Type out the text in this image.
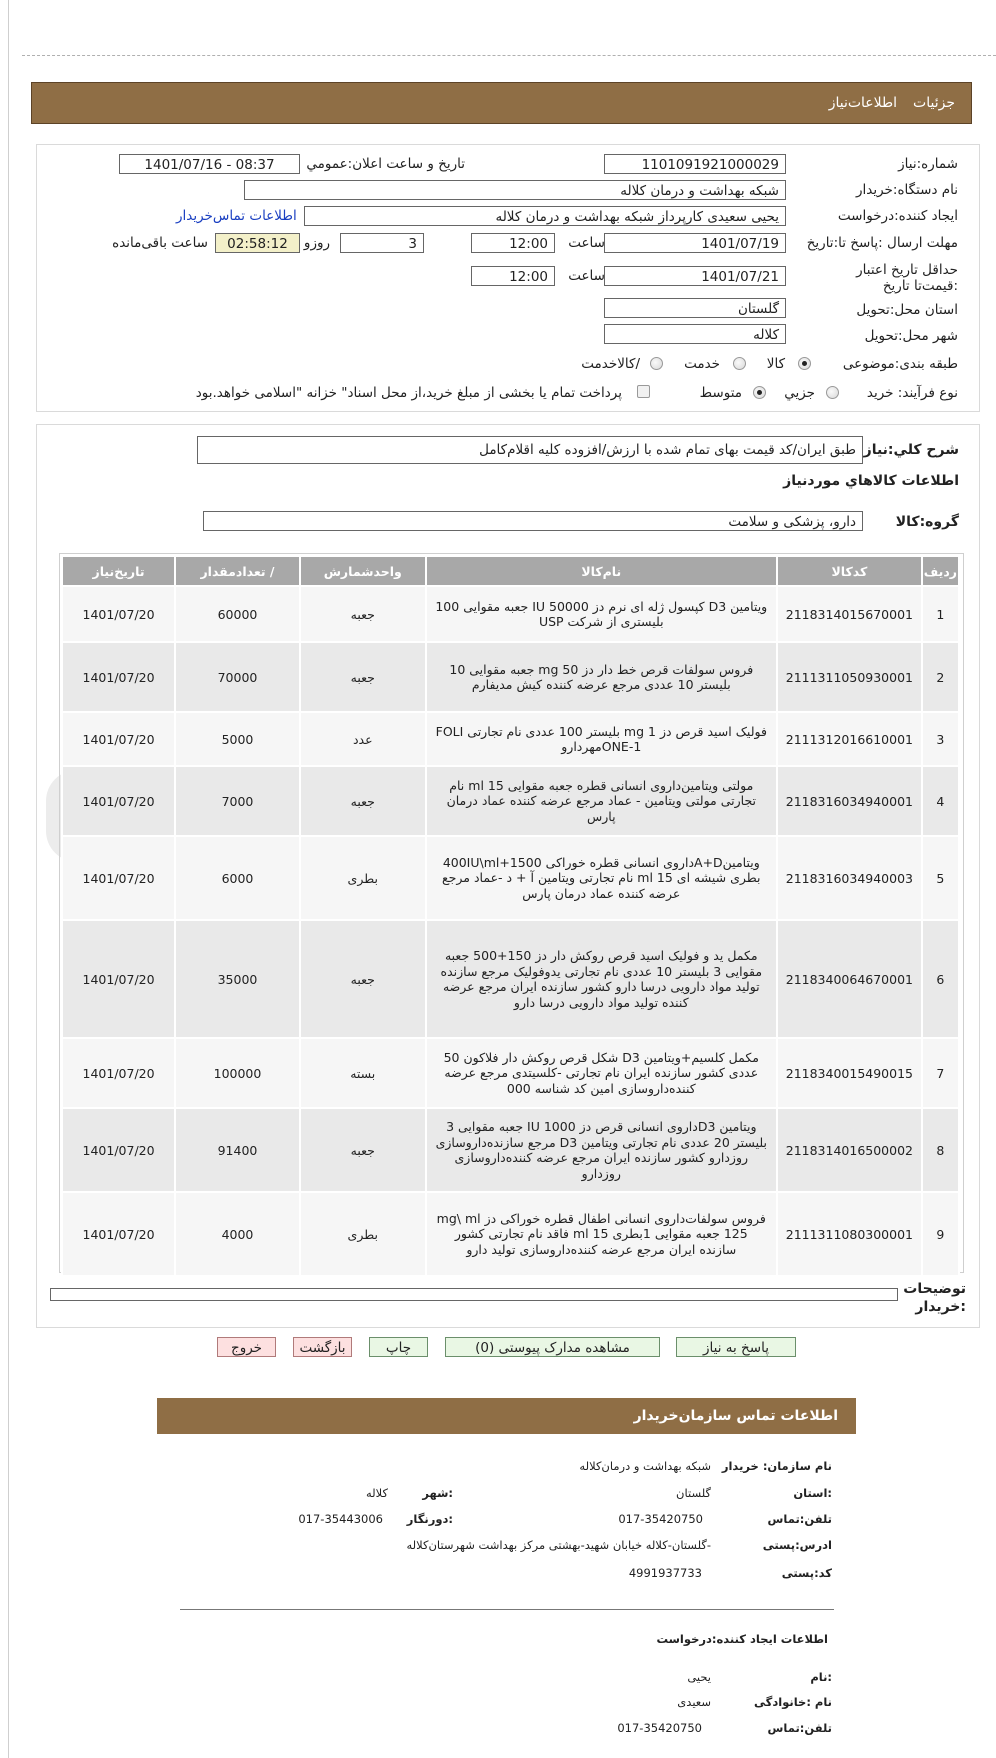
جزئیات
اطلاعات‌نیاز
شماره:نیاز
1101091921000029
تاریخ و ساعت اعلان:عمومي
1401/07/16 - 08:37
نام دستگاه:خریدار
شبکه بهداشت و درمان کلاله
ایجاد کننده:درخواست
یحیی سعیدی کارپرداز شبکه بهداشت و درمان کلاله
اطلاعات تماس‌خریدار
مهلت ارسال :پاسخ تا:تاریخ
1401/07/19
ساعت
12:00
3
روزو
02:58:12
ساعت باقی‌مانده
حداقل تاریخ اعتبار :قیمت‌تا تاریخ
1401/07/21
ساعت
12:00
استان محل:تحویل
گلستان
شهر محل:تحویل
کلاله
طبقه بندی:موضوعی
کالا
خدمت
/کالاخدمت
نوع فرآیند: خرید
جزیي
متوسط
پرداخت تمام یا بخشی از مبلغ خرید،از محل اسناد" خزانه "اسلامی خواهد.بود
شرح کلي:نیاز
طبق ایران/کد قیمت بهای تمام شده با ارزش/افزوده کلیه اقلام‌کامل
اطلاعات کالاهاي مورد‌نیاز
گروه:کالا
دارو، پزشکی و سلامت
ردیف	کدکالا	نام‌کالا	واحدشمارش	/ تعدادمقدار	تاریخ‌نیاز
1	2118314015670001	ویتامین D3 کپسول ژله ای نرم دز IU 50000 جعبه مقوایی 100 بلیستری از شرکت USP	جعبه	60000	1401/07/20
2	2111311050930001	فروس سولفات قرص خط دار دز mg 50 جعبه مقوایی 10 بلیستر 10 عددی مرجع عرضه کننده کیش مدیفارم	جعبه	70000	1401/07/20
3	2111312016610001	فولیک اسید قرص دز mg 1 بلیستر 100 عددی نام تجارتی FOLI ONE-1مهردارو	عدد	5000	1401/07/20
4	2118316034940001	مولتی ویتامین‌داروی انسانی قطره جعبه مقوایی ml 15 نام تجارتی مولتی ویتامین - عماد مرجع عرضه کننده عماد درمان پارس	جعبه	7000	1401/07/20
5	2118316034940003	ویتامینA+Dداروی انسانی قطره خوراکی 1500+400IU\ml بطری شیشه ای 15 ml نام تجارتی ویتامین آ + د -عماد مرجع عرضه کننده عماد درمان پارس	بطری	6000	1401/07/20
6	2118340064670001	مکمل ید و فولیک اسید قرص روکش دار دز 150+500 جعبه مقوایی 3 بلیستر 10 عددی نام تجارتی یدوفولیک مرجع سازنده تولید مواد دارویی درسا دارو کشور سازنده ایران مرجع عرضه کننده تولید مواد دارویی درسا دارو	جعبه	35000	1401/07/20
7	2118340015490015	مکمل کلسیم+ویتامین D3 شکل قرص روکش دار فلاکون 50 عددی کشور سازنده ایران نام تجارتی -کلسیتدی مرجع عرضه کننده‌داروسازی امین کد شناسه 000	بسته	100000	1401/07/20
8	2118314016500002	ویتامین D3داروی انسانی قرص دز IU 1000 جعبه مقوایی 3 بلیستر 20 عددی نام تجارتی ویتامین D3 مرجع سازنده‌داروسازی روزدارو کشور سازنده ایران مرجع عرضه کننده‌داروسازی روزدارو	جعبه	91400	1401/07/20
9	2111311080300001	فروس سولفات‌داروی انسانی اطفال قطره خوراکی دز mg\ ml 125 جعبه مقوایی 1بطری ml 15 فاقد نام تجارتی کشور سازنده ایران مرجع عرضه کننده‌داروسازی تولید دارو	بطری	4000	1401/07/20
توضیحات :خریدار
پاسخ به نیاز
مشاهده مدارک پیوستی (0)
چاپ
بازگشت
خروج
اطلاعات تماس سازمان‌خریدار
نام سازمان: خریدار
شبکه بهداشت و درمان‌کلاله
:استان
گلستان
:شهر
کلاله
تلفن:تماس
017-35420750
:دورنگار
017-35443006
ادرس:پستی
-گلستان-کلاله خیابان شهید-بهشتی مرکز بهداشت شهرستان‌کلاله
کد:پستی
4991937733
اطلاعات ایجاد کننده:درخواست
:نام
یحیی
نام :خانوادگی
سعیدی
تلفن:تماس
017-35420750
